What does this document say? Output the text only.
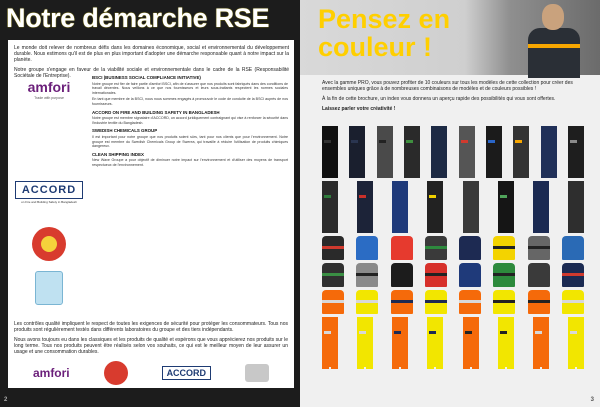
Notre démarche RSE

Le monde doit relever de nombreux défis dans les domaines économique, social et environnemental du développement durable. Nous estimons qu'il est de plus en plus important d'adopter une démarche responsable quant à notre impact sur la planète.

Notre groupe s'engage en faveur de la viabilité sociale et environnementale dans le cadre de la RSE (Responsabilité Sociétale de l'Entreprise).

amfori
Trade with purpose
ACCORD
on Fire and Building Safety in Bangladesh
BSCI (BUSINESS SOCIAL COMPLIANCE INITIATIVE)

Notre groupe est fier de faire partie d'amfori BSCI, afin de s'assurer que nos produits sont fabriqués dans des conditions de travail décentes. Nous veillons à ce que nos fournisseurs et leurs sous-traitants respectent les normes sociales internationales.

En tant que membre de la BSCI, nous nous sommes engagés à promouvoir le code de conduite de la BSCI auprès de nos fournisseurs.

ACCORD ON FIRE AND BUILDING SAFETY IN BANGLADESH

Notre groupe est membre signataire d'ACCORD, un accord juridiquement contraignant qui vise à renforcer la sécurité dans l'industrie textile du Bangladesh.

SWEDISH CHEMICALS GROUP

Il est important pour notre groupe que nos produits soient sûrs, tant pour nos clients que pour l'environnement. Notre groupe est membre du Swedish Chemicals Group de Swerea, qui travaille à réduire l'utilisation de produits chimiques dangereux.

CLEAN SHIPPING INDEX

New Wave Groupe a pour objectif de diminuer notre impact sur l'environnement et d'utiliser des moyens de transport respectueux de l'environnement.

Les contrôles qualité impliquent le respect de toutes les exigences de sécurité pour protéger les consommateurs. Tous nos produits sont régulièrement testés dans différents laboratoires du groupe et des tiers indépendants.

Nous avons toujours eu dans les classiques et les produits de qualité et espérons que vous apprécierez nos produits sur le long terme. Tous nos produits peuvent être réalisés selon vos souhaits, ce qui est le meilleur moyen de leur assurer un usage et une consommation durables.

amfori	ACCORD
2
Pensez en
couleur !

Avec la gamme PRO, vous pouvez profiter de 10 couleurs sur tous les modèles de cette collection pour créer des ensembles uniques grâce à de nombreuses combinaisons de modèles et de couleurs possibles !

À la fin de cette brochure, un index vous donnera un aperçu rapide des possibilités qui vous sont offertes.

Laissez parler votre créativité !

3
